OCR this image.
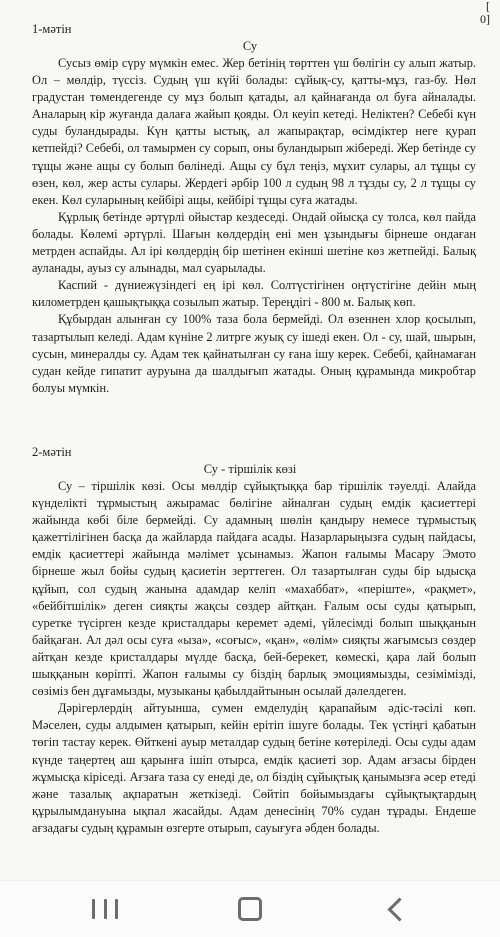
[
0]
1-мәтін
Су

Сусыз өмір сүру мүмкін емес. Жер бетінің төрттен үш бөлігін су алып жатыр. Ол – мөлдір, түссіз. Судың үш күйі болады: сұйық-су, қатты-мұз, газ-бу. Нөл градустан төмендегенде су мұз болып қатады, ал қайнағанда ол буға айналады. Аналарың кір жуғанда далаға жайып қояды. Ол кеуіп кетеді. Неліктен? Себебі күн суды буландырады. Күн қатты ыстық, ал жапырақтар, өсімдіктер неге қурап кетпейді? Себебі, ол тамырмен су сорып, оны буландырып жібереді. Жер бетінде су тұщы және ащы су болып бөлінеді. Ащы су бұл теңіз, мұхит сулары, ал тұщы су өзен, көл, жер асты сулары. Жердегі әрбір 100 л судың 98 л тұзды су, 2 л тұщы су екен. Көл суларының кейбірі ащы, кейбірі тұщы суға жатады.

Құрлық бетінде әртүрлі ойыстар кездеседі. Ондай ойысқа су толса, көл пайда болады. Көлемі әртүрлі. Шағын көлдердің ені мен ұзындығы бірнеше ондаған метрден аспайды. Ал ірі көлдердің бір шетінен екінші шетіне көз жетпейді. Балық ауланады, ауыз су алынады, мал суарылады.

Каспий - дүниежүзіндегі ең ірі көл. Солтүстігінен оңтүстігіне дейін мың километрден қашықтыққа созылып жатыр. Тереңдігі - 800 м. Балық көп.

Құбырдан алынған су 100% таза бола бермейді. Ол өзеннен хлор қосылып, тазартылып келеді. Адам күніне 2 литрге жуық су ішеді екен. Ол - су, шай, шырын, сусын, минералды су. Адам тек қайнатылған су ғана ішу керек. Себебі, қайнамаған судан кейде гипатит ауруына да шалдығып жатады. Оның құрамында микробтар болуы мүмкін.

2-мәтін
Су - тіршілік көзі

Су – тіршілік көзі. Осы мөлдір сұйықтыққа бар тіршілік тәуелді. Алайда күнделікті тұрмыстың ажырамас бөлігіне айналған судың емдік қасиеттері жайында көбі біле бермейді. Су адамның шөлін қандыру немесе тұрмыстық қажеттілігінен басқа да жайларда пайдаға асады. Назарларыңызға судың пайдасы, емдік қасиеттері жайында мәлімет ұсынамыз. Жапон ғалымы Масару Эмото бірнеше жыл бойы судың қасиетін зерттеген. Ол тазартылған суды бір ыдысқа құйып, сол судың жанына адамдар келіп «махаббат», «періште», «рақмет», «бейбітшілік» деген сияқты жақсы сөздер айтқан. Ғалым осы суды қатырып, суретке түсірген кезде кристалдары керемет әдемі, үйлесімді болып шыққанын байқаған. Ал дәл осы суға «ыза», «соғыс», «қан», «өлім» сияқты жағымсыз сөздер айтқан кезде кристалдары мүлде басқа, бей-берекет, көмескі, қара лай болып шыққанын көріпті. Жапон ғалымы су біздің барлық эмоциямызды, сезімімізді, сөзіміз бен дұғамызды, музыканы қабылдайтынын осылай дәлелдеген.

Дәрігерлердің айтуынша, сумен емделудің қарапайым әдіс-тәсілі көп. Мәселен, суды алдымен қатырып, кейін ерітіп ішуге болады. Тек үстіңгі қабатын төгіп тастау керек. Өйткені ауыр металдар судың бетіне көтеріледі. Осы суды адам күнде таңертең аш қарынға ішіп отырса, емдік қасиеті зор. Адам ағзасы бірден жұмысқа кіріседі. Ағзаға таза су енеді де, ол біздің сұйықтық қанымызға әсер етеді және тазалық ақпаратын жеткізеді. Сөйтіп бойымыздағы сұйықтықтардың құрылымдануына ықпал жасайды. Адам денесінің 70% судан тұрады. Ендеше ағзадағы судың құрамын өзгерте отырып, сауығуға әбден болады.
